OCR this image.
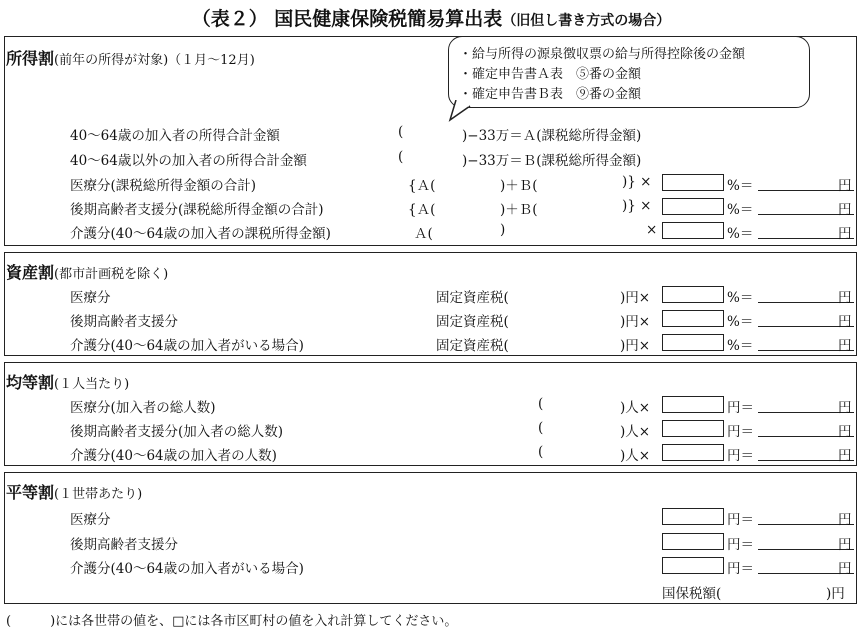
（表２） 国民健康保険税簡易算出表（旧但し書き方式の場合）
所得割(前年の所得が対象)（１月〜12月)	・給与所得の源泉徴収票の給与所得控除後の金額
・確定申告書Ａ表　⑤番の金額
・確定申告書Ｂ表　⑨番の金額
40〜64歳の加入者の所得合計金額	(	)−33万＝Ａ(課税総所得金額)
40〜64歳以外の加入者の所得合計金額	(	)−33万＝Ｂ(課税総所得金額)
医療分(課税総所得金額の合計)	{Ａ(	)＋Ｂ(	)} ×	%＝	円
後期高齢者支援分(課税総所得金額の合計)	{Ａ(	)＋Ｂ(	)} ×	%＝	円
介護分(40〜64歳の加入者の課税所得金額)	Ａ(	)	×	%＝	円
資産割(都市計画税を除く)
医療分	固定資産税(	)円×	%＝	円
後期高齢者支援分	固定資産税(	)円×	%＝	円
介護分(40〜64歳の加入者がいる場合)	固定資産税(	)円×	%＝	円
均等割(１人当たり)
医療分(加入者の総人数)	(	)人×	円＝	円
後期高齢者支援分(加入者の総人数)	(	)人×	円＝	円
介護分(40〜64歳の加入者の人数)	(	)人×	円＝	円
平等割(１世帯あたり)
医療分	円＝	円
後期高齢者支援分	円＝	円
介護分(40〜64歳の加入者がいる場合)	円＝	円
国保税額(	)円
(　　　)には各世帯の値を、□には各市区町村の値を入れ計算してください。
